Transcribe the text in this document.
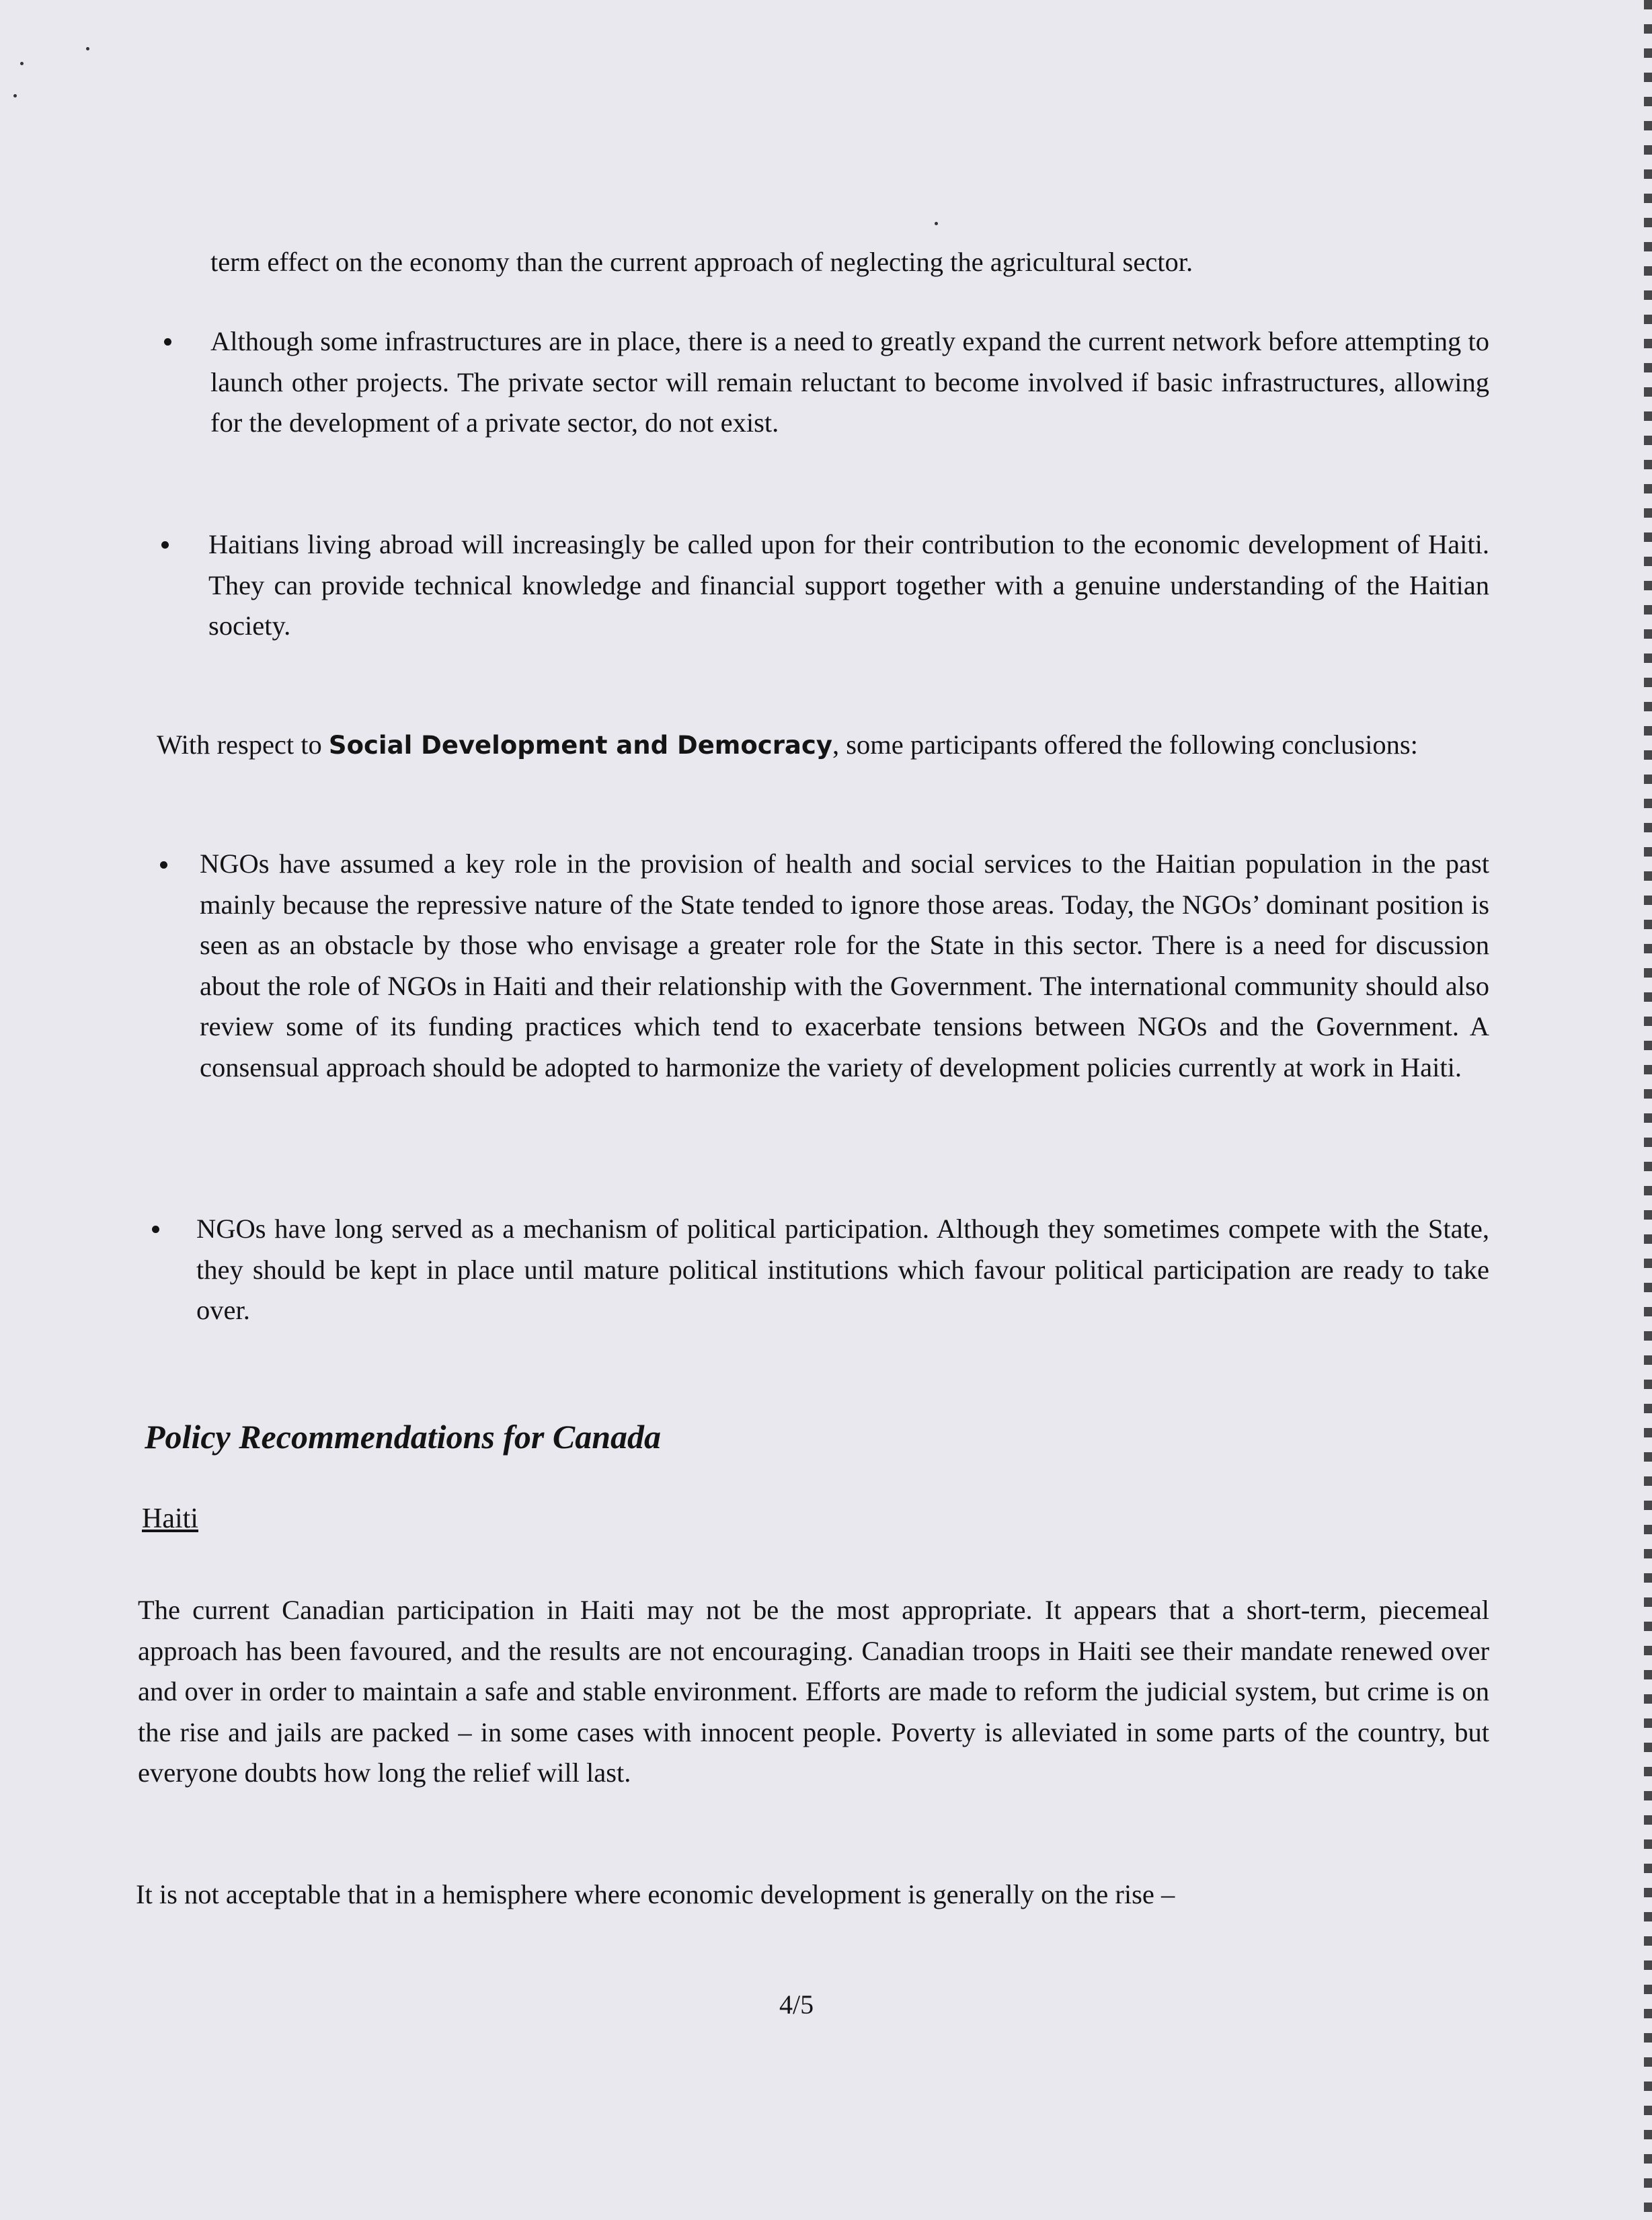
term effect on the economy than the current approach of neglecting the agricultural sector.

Although some infrastructures are in place, there is a need to greatly expand the current network before attempting to launch other projects. The private sector will remain reluctant to become involved if basic infrastructures, allowing for the development of a private sector, do not exist.
Haitians living abroad will increasingly be called upon for their contribution to the economic development of Haiti. They can provide technical knowledge and financial support together with a genuine understanding of the Haitian society.

With respect to Social Development and Democracy, some participants offered the following conclusions:

NGOs have assumed a key role in the provision of health and social services to the Haitian population in the past mainly because the repressive nature of the State tended to ignore those areas. Today, the NGOs’ dominant position is seen as an obstacle by those who envisage a greater role for the State in this sector. There is a need for discussion about the role of NGOs in Haiti and their relationship with the Government. The international community should also review some of its funding practices which tend to exacerbate tensions between NGOs and the Government. A consensual approach should be adopted to harmonize the variety of development policies currently at work in Haiti.
NGOs have long served as a mechanism of political participation. Although they sometimes compete with the State, they should be kept in place until mature political institutions which favour political participation are ready to take over.
Policy Recommendations for Canada
Haiti

The current Canadian participation in Haiti may not be the most appropriate. It appears that a short-term, piecemeal approach has been favoured, and the results are not encouraging. Canadian troops in Haiti see their mandate renewed over and over in order to maintain a safe and stable environment. Efforts are made to reform the judicial system, but crime is on the rise and jails are packed – in some cases with innocent people. Poverty is alleviated in some parts of the country, but everyone doubts how long the relief will last.

It is not acceptable that in a hemisphere where economic development is generally on the rise –

4/5
